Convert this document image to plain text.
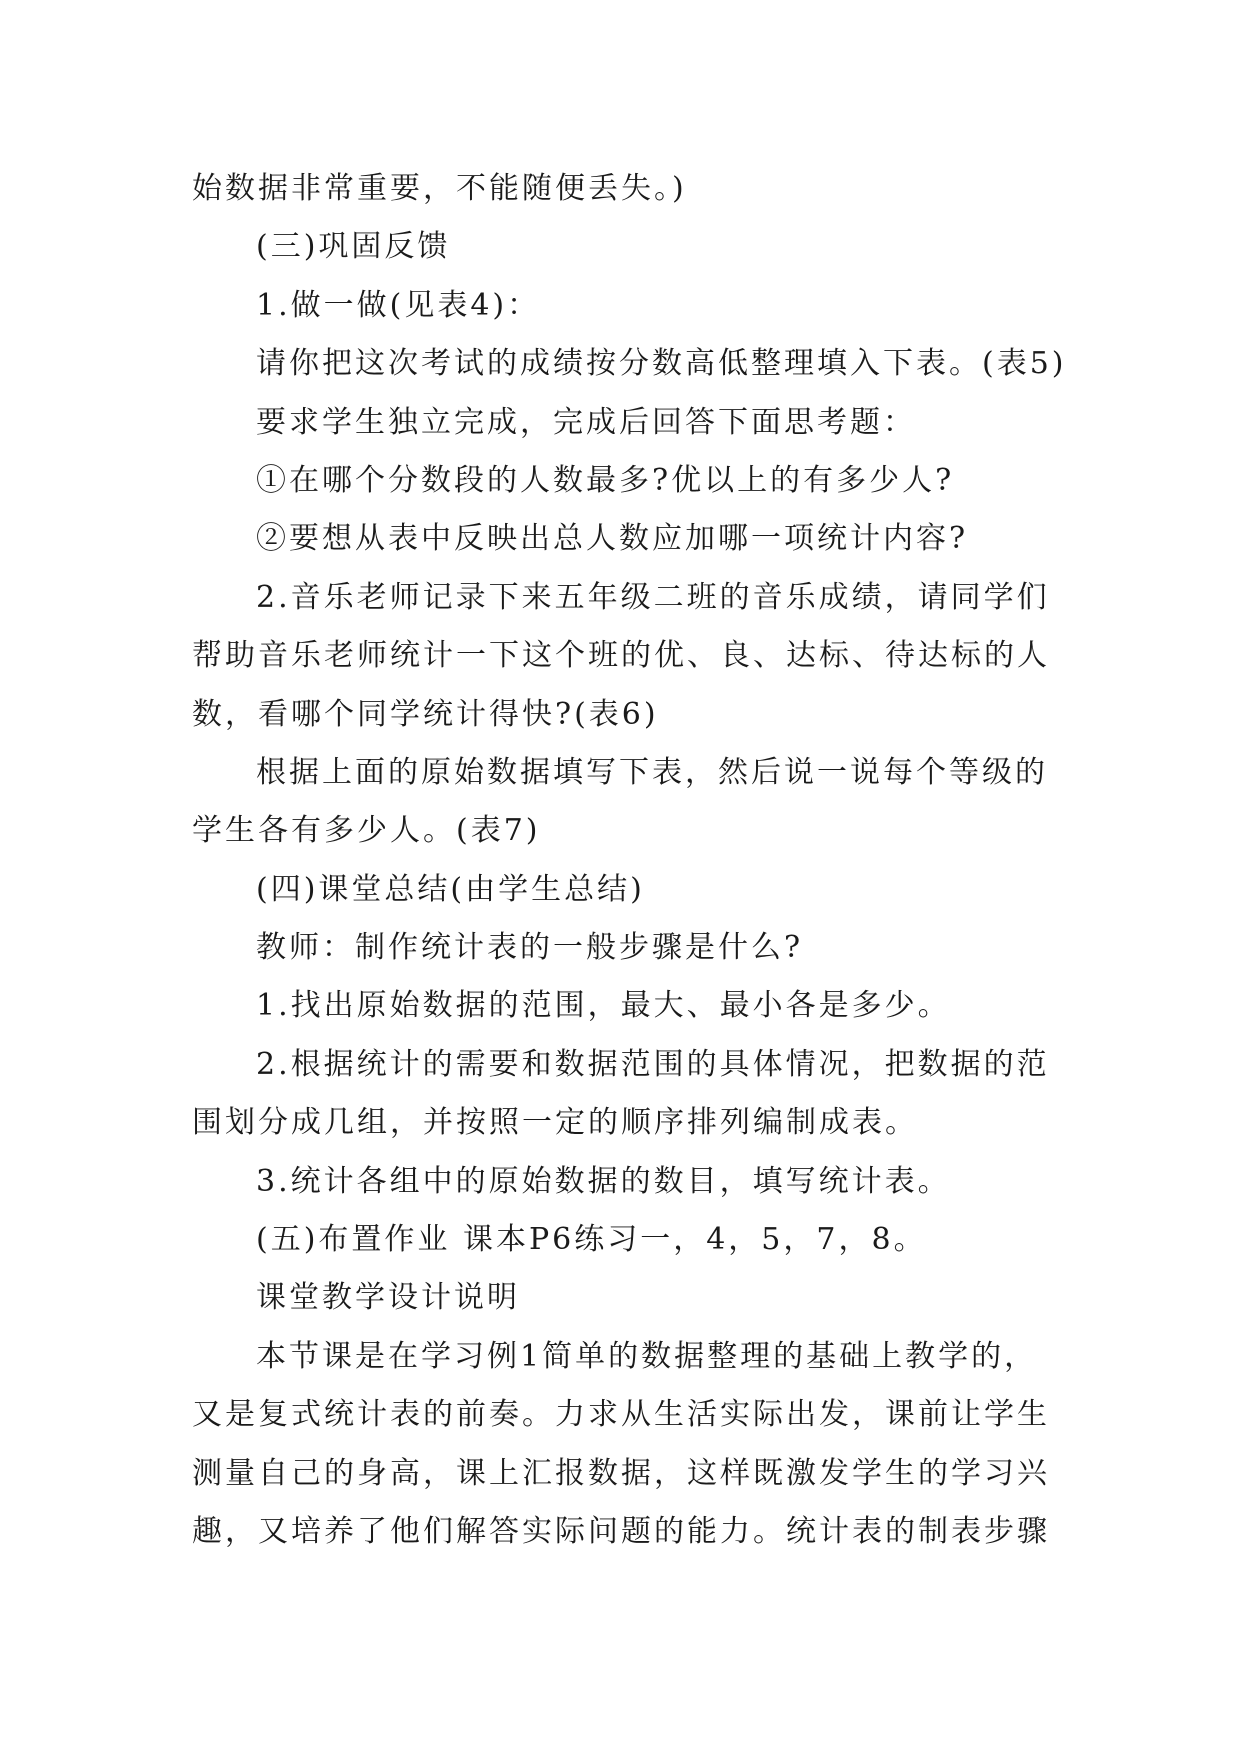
始数据非常重要，不能随便丢失。)
(三)巩固反馈
1.做一做(见表4)：
请你把这次考试的成绩按分数高低整理填入下表。(表5)
要求学生独立完成，完成后回答下面思考题：
①在哪个分数段的人数最多?优以上的有多少人?
②要想从表中反映出总人数应加哪一项统计内容?
2.音乐老师记录下来五年级二班的音乐成绩，请同学们
帮助音乐老师统计一下这个班的优、良、达标、待达标的人
数，看哪个同学统计得快?(表6)
根据上面的原始数据填写下表，然后说一说每个等级的
学生各有多少人。(表7)
(四)课堂总结(由学生总结)
教师：制作统计表的一般步骤是什么?
1.找出原始数据的范围，最大、最小各是多少。
2.根据统计的需要和数据范围的具体情况，把数据的范
围划分成几组，并按照一定的顺序排列编制成表。
3.统计各组中的原始数据的数目，填写统计表。
(五)布置作业 课本P6练习一，4，5，7，8。
课堂教学设计说明
本节课是在学习例1简单的数据整理的基础上教学的，
又是复式统计表的前奏。力求从生活实际出发，课前让学生
测量自己的身高，课上汇报数据，这样既激发学生的学习兴
趣，又培养了他们解答实际问题的能力。统计表的制表步骤
